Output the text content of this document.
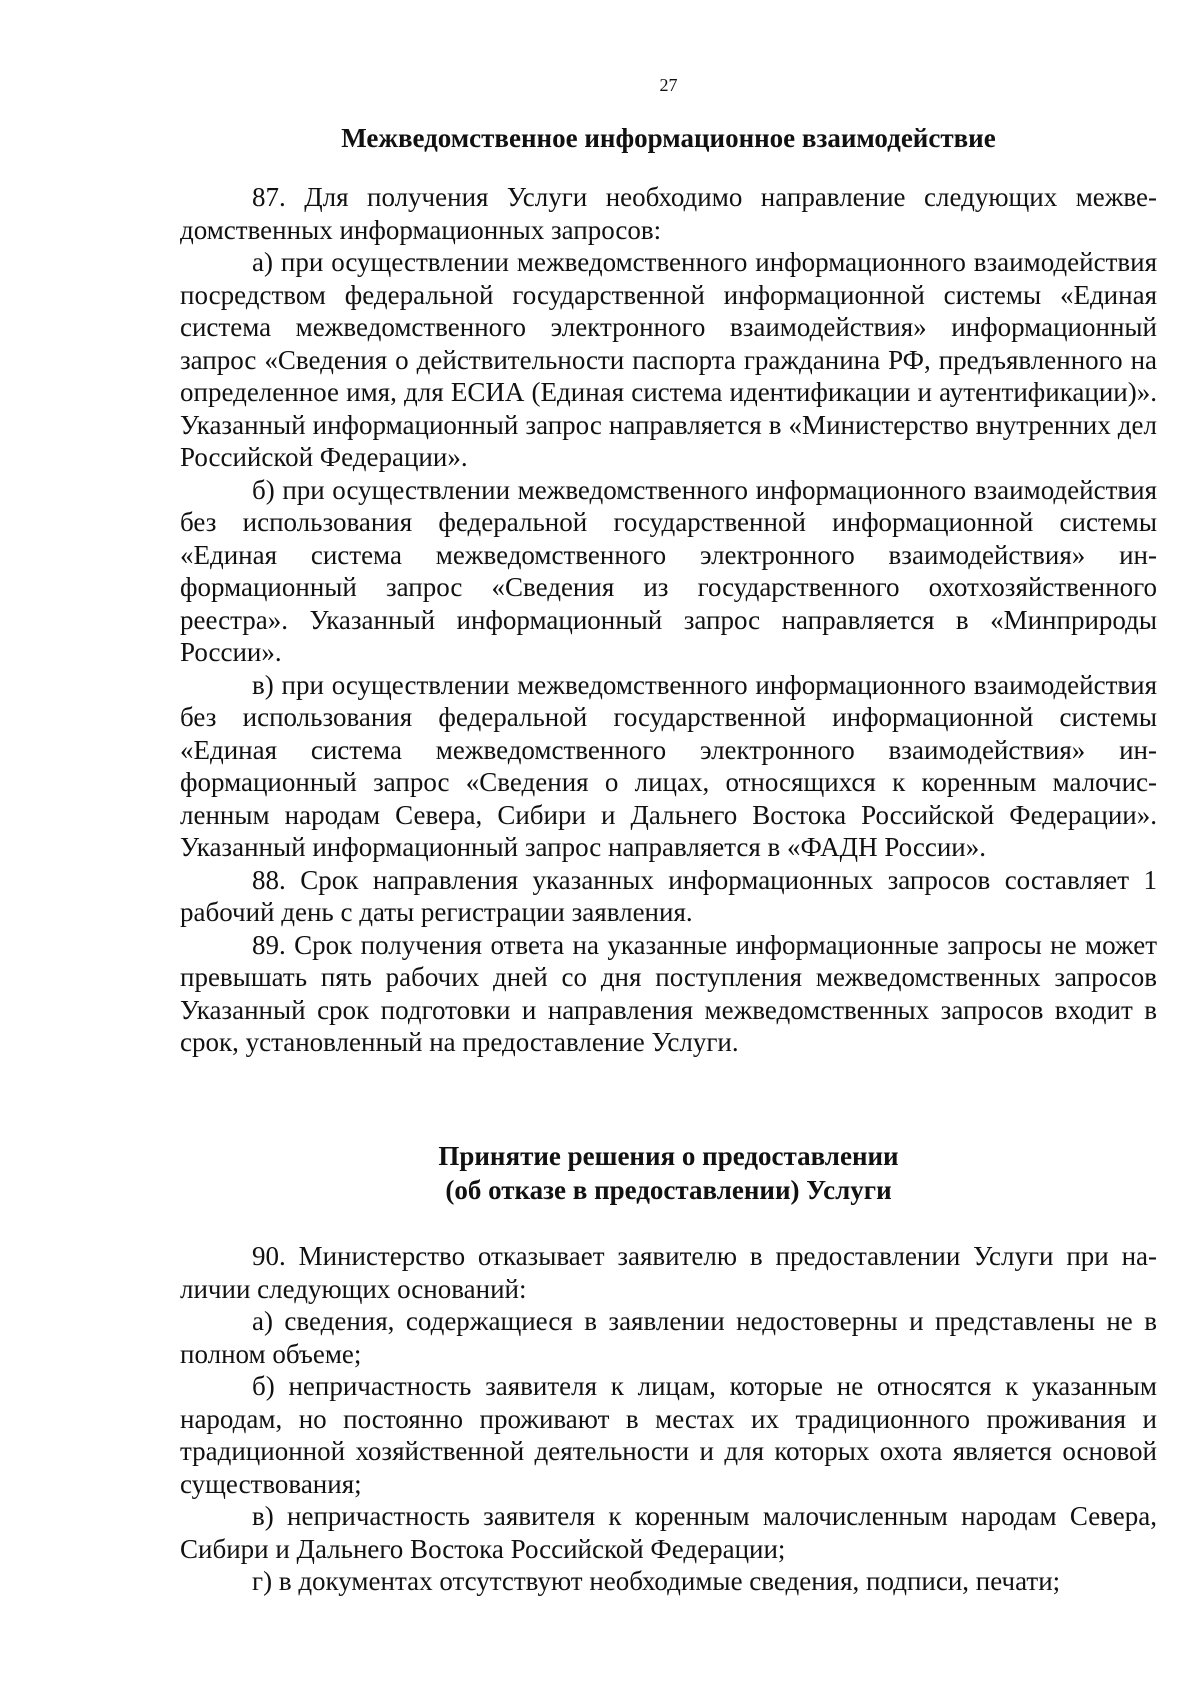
27
Межведомственное информационное взаимодействие

87. Для получения Услуги необходимо направление следующих межведомственных информационных запросов:

а) при осуществлении межведомственного информационного взаимодействия посредством федеральной государственной информационной системы «Единая система межведомственного электронного взаимодействия» информационный запрос «Сведения о действительности паспорта гражданина РФ, предъявленного на определенное имя, для ЕСИА (Единая система идентификации и аутентификации)». Указанный информационный запрос направляется в «Министерство внутренних дел Российской Федерации».

б) при осуществлении межведомственного информационного взаимодействия без использования федеральной государственной информационной системы «Единая система межведомственного электронного взаимодействия» информационный запрос «Сведения из государственного охотхозяйственного реестра». Указанный информационный запрос направляется в «Минприроды России».

в) при осуществлении межведомственного информационного взаимодействия без использования федеральной государственной информационной системы «Единая система межведомственного электронного взаимодействия» информационный запрос «Сведения о лицах, относящихся к коренным малочисленным народам Севера, Сибири и Дальнего Востока Российской Федерации». Указанный информационный запрос направляется в «ФАДН России».

88. Срок направления указанных информационных запросов составляет 1 рабочий день с даты регистрации заявления.

89. Срок получения ответа на указанные информационные запросы не может превышать пять рабочих дней со дня поступления межведомственных запросов Указанный срок подготовки и направления межведомственных запросов входит в срок, установленный на предоставление Услуги.

Принятие решения о предоставлении
(об отказе в предоставлении) Услуги

90. Министерство отказывает заявителю в предоставлении Услуги при наличии следующих оснований:

а) сведения, содержащиеся в заявлении недостоверны и представлены не в полном объеме;

б) непричастность заявителя к лицам, которые не относятся к указанным народам, но постоянно проживают в местах их традиционного проживания и традиционной хозяйственной деятельности и для которых охота является основой существования;

в) непричастность заявителя к коренным малочисленным народам Севера, Сибири и Дальнего Востока Российской Федерации;

г) в документах отсутствуют необходимые сведения, подписи, печати;
